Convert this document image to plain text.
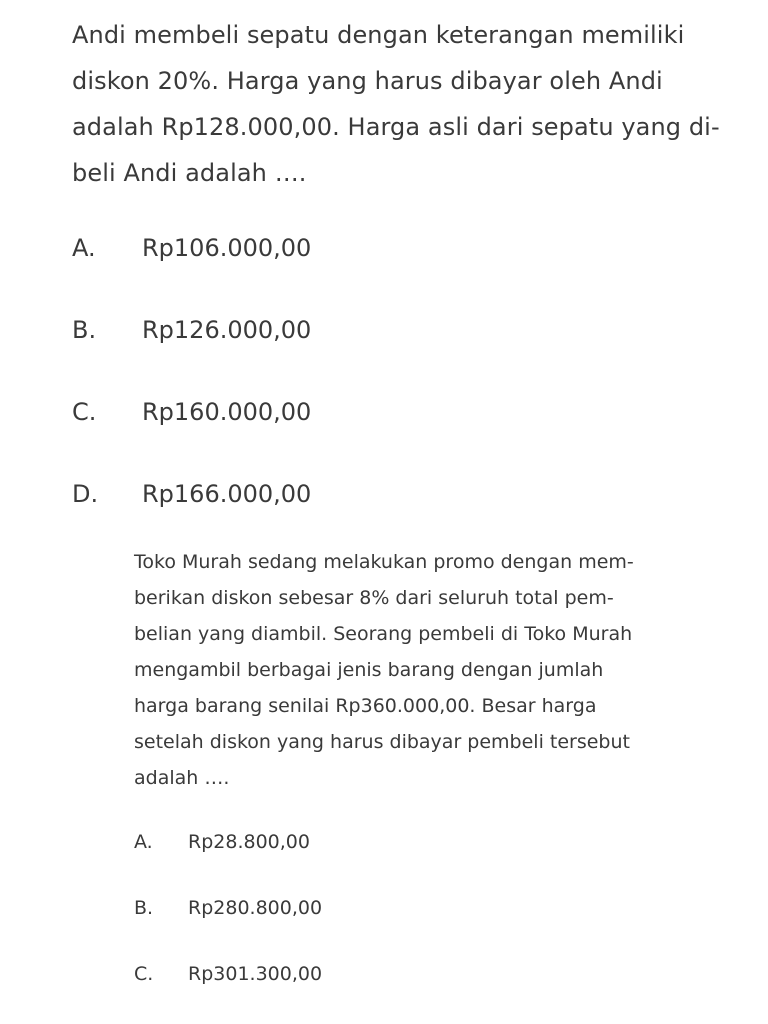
Andi membeli sepatu dengan keterangan memiliki
diskon 20%. Harga yang harus dibayar oleh Andi
adalah Rp128.000,00. Harga asli dari sepatu yang di-
beli Andi adalah ….
A.	Rp106.000,00
B.	Rp126.000,00
C.	Rp160.000,00
D.	Rp166.000,00
Toko Murah sedang melakukan promo dengan mem-
berikan diskon sebesar 8% dari seluruh total pem-
belian yang diambil. Seorang pembeli di Toko Murah
mengambil berbagai jenis barang dengan jumlah
harga barang senilai Rp360.000,00. Besar harga
setelah diskon yang harus dibayar pembeli tersebut
adalah ….
A.	Rp28.800,00
B.	Rp280.800,00
C.	Rp301.300,00
